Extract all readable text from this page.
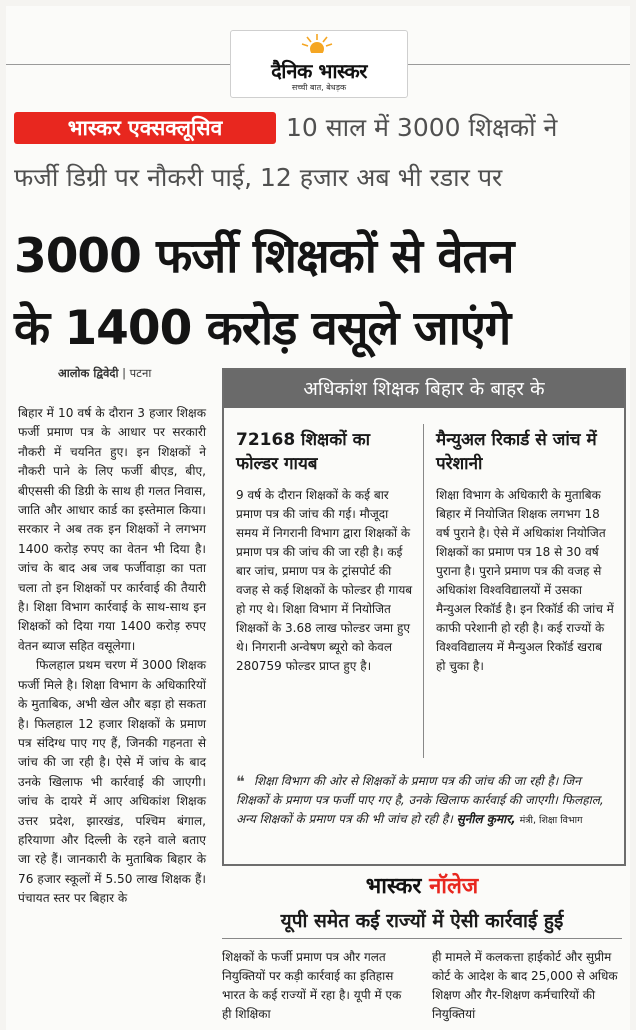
दैनिक भास्कर
सच्ची बात, बेधड़क
भास्कर एक्सक्लूसिव	10 साल में 3000 शिक्षकों ने
फर्जी डिग्री पर नौकरी पाई, 12 हजार अब भी रडार पर
3000 फर्जी शिक्षकों से वेतन
के 1400 करोड़ वसूले जाएंगे
आलोक द्विवेदी | पटना

बिहार में 10 वर्ष के दौरान 3 हजार शिक्षक फर्जी प्रमाण पत्र के आधार पर सरकारी नौकरी में चयनित हुए। इन शिक्षकों ने नौकरी पाने के लिए फर्जी बीएड, बीए, बीएससी की डिग्री के साथ ही गलत निवास, जाति और आधार कार्ड का इस्तेमाल किया। सरकार ने अब तक इन शिक्षकों ने लगभग 1400 करोड़ रुपए का वेतन भी दिया है। जांच के बाद अब जब फर्जीवाड़ा का पता चला तो इन शिक्षकों पर कार्रवाई की तैयारी है। शिक्षा विभाग कार्रवाई के साथ-साथ इन शिक्षकों को दिया गया 1400 करोड़ रुपए वेतन ब्याज सहित वसूलेगा।

फिलहाल प्रथम चरण में 3000 शिक्षक फर्जी मिले है। शिक्षा विभाग के अधिकारियों के मुताबिक, अभी खेल और बड़ा हो सकता है। फिलहाल 12 हजार शिक्षकों के प्रमाण पत्र संदिग्ध पाए गए हैं, जिनकी गहनता से जांच की जा रही है। ऐसे में जांच के बाद उनके खिलाफ भी कार्रवाई की जाएगी। जांच के दायरे में आए अधिकांश शिक्षक उत्तर प्रदेश, झारखंड, पश्चिम बंगाल, हरियाणा और दिल्ली के रहने वाले बताए जा रहे हैं। जानकारी के मुताबिक बिहार के 76 हजार स्कूलों में 5.50 लाख शिक्षक हैं। पंचायत स्तर पर बिहार के

अधिकांश शिक्षक बिहार के बाहर के
72168 शिक्षकों का फोल्डर गायब
9 वर्ष के दौरान शिक्षकों के कई बार प्रमाण पत्र की जांच की गई। मौजूदा समय में निगरानी विभाग द्वारा शिक्षकों के प्रमाण पत्र की जांच की जा रही है। कई बार जांच, प्रमाण पत्र के ट्रांसपोर्ट की वजह से कई शिक्षकों के फोल्डर ही गायब हो गए थे। शिक्षा विभाग में नियोजित शिक्षकों के 3.68 लाख फोल्डर जमा हुए थे। निगरानी अन्वेषण ब्यूरो को केवल 280759 फोल्डर प्राप्त हुए है।
मैन्युअल रिकार्ड से जांच में परेशानी
शिक्षा विभाग के अधिकारी के मुताबिक बिहार में नियोजित शिक्षक लगभग 18 वर्ष पुराने है। ऐसे में अधिकांश नियोजित शिक्षकों का प्रमाण पत्र 18 से 30 वर्ष पुराना है। पुराने प्रमाण पत्र की वजह से अधिकांश विश्वविद्यालयों में उसका मैन्युअल रिकॉर्ड है। इन रिकॉर्ड की जांच में काफी परेशानी हो रही है। कई राज्यों के विश्वविद्यालय में मैन्युअल रिकॉर्ड खराब हो चुका है।
❝ शिक्षा विभाग की ओर से शिक्षकों के प्रमाण पत्र की जांच की जा रही है। जिन शिक्षकों के प्रमाण पत्र फर्जी पाए गए है, उनके खिलाफ कार्रवाई की जाएगी। फिलहाल, अन्य शिक्षकों के प्रमाण पत्र की भी जांच हो रही है। सुनील कुमार, मंत्री, शिक्षा विभाग
भास्कर नॉलेज
यूपी समेत कई राज्यों में ऐसी कार्रवाई हुई
शिक्षकों के फर्जी प्रमाण पत्र और गलत नियुक्तियों पर कड़ी कार्रवाई का इतिहास भारत के कई राज्यों में रहा है। यूपी में एक ही शिक्षिका
ही मामले में कलकत्ता हाईकोर्ट और सुप्रीम कोर्ट के आदेश के बाद 25,000 से अधिक शिक्षण और गैर-शिक्षण कर्मचारियों की नियुक्तियां
